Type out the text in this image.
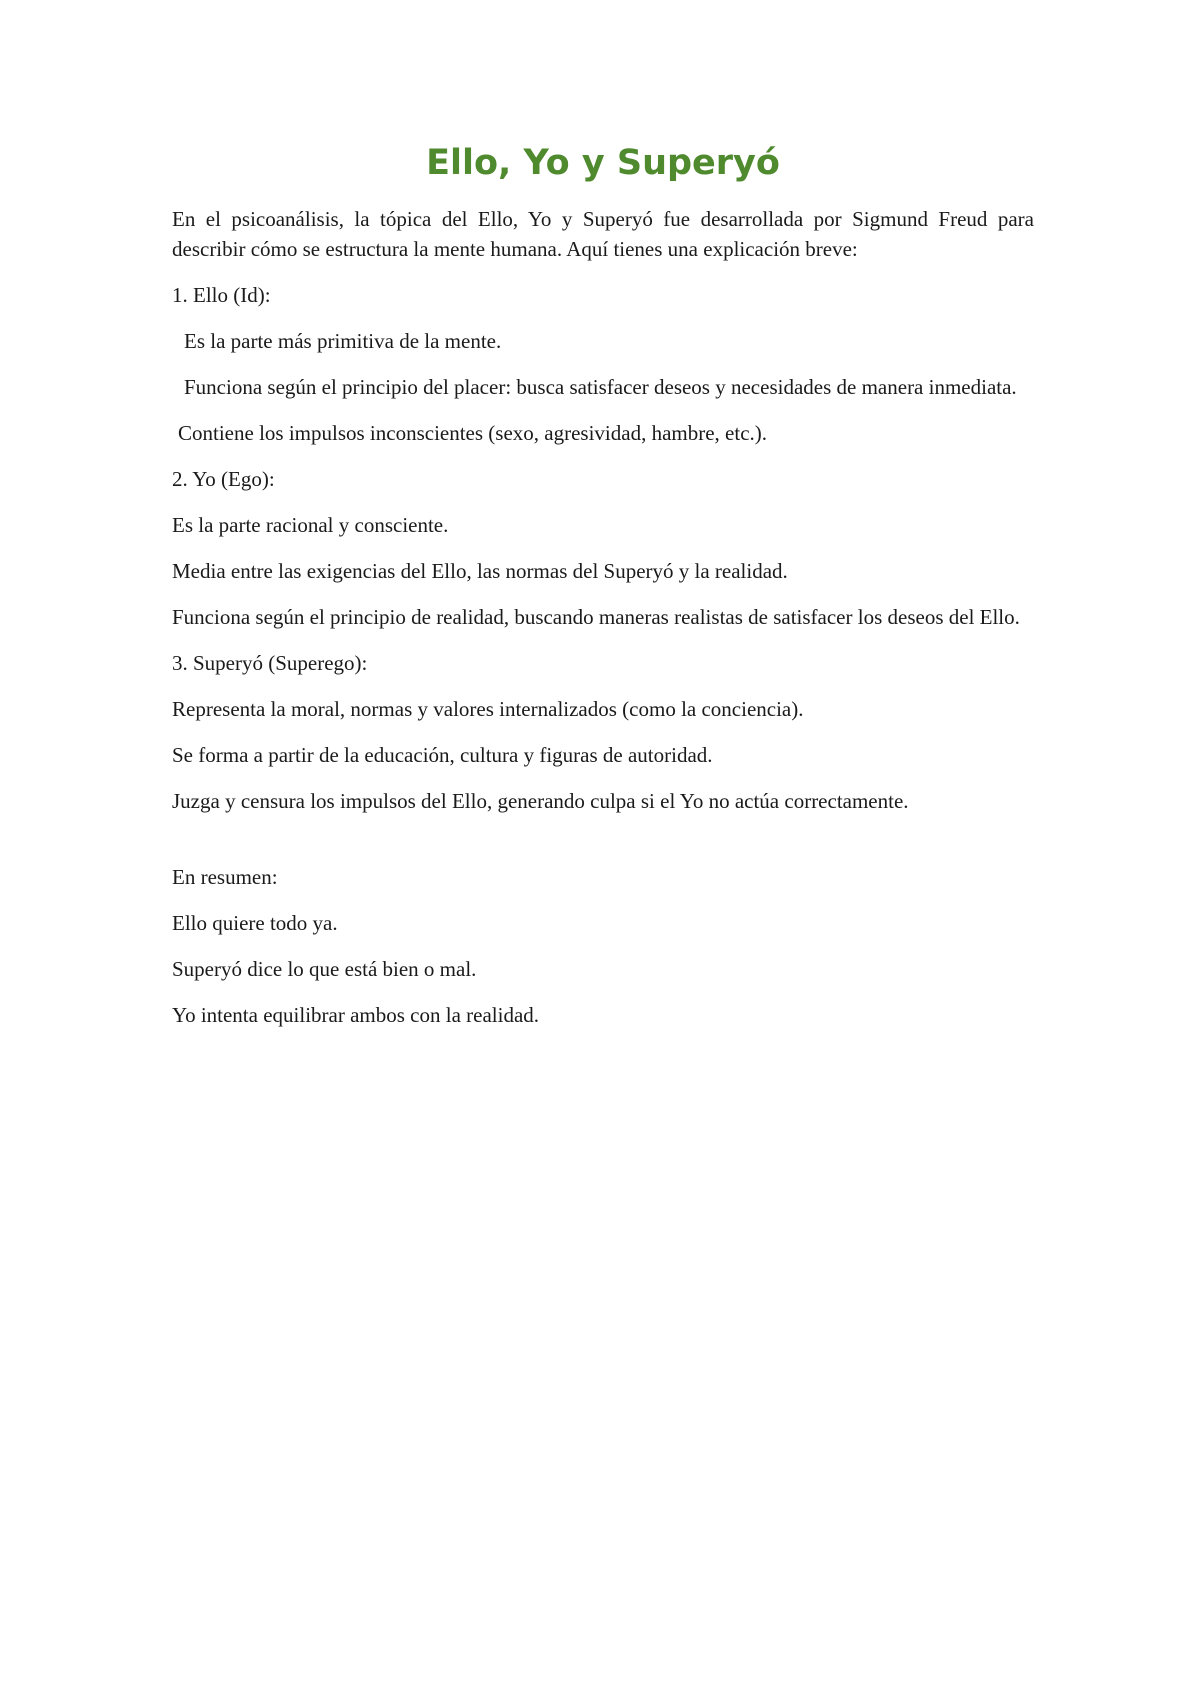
Ello, Yo y Superyó

En el psicoanálisis, la tópica del Ello, Yo y Superyó fue desarrollada por Sigmund Freud para describir cómo se estructura la mente humana. Aquí tienes una explicación breve:

1. Ello (Id):

Es la parte más primitiva de la mente.

Funciona según el principio del placer: busca satisfacer deseos y necesidades de manera inmediata.

Contiene los impulsos inconscientes (sexo, agresividad, hambre, etc.).

2. Yo (Ego):

Es la parte racional y consciente.

Media entre las exigencias del Ello, las normas del Superyó y la realidad.

Funciona según el principio de realidad, buscando maneras realistas de satisfacer los deseos del Ello.

3. Superyó (Superego):

Representa la moral, normas y valores internalizados (como la conciencia).

Se forma a partir de la educación, cultura y figuras de autoridad.

Juzga y censura los impulsos del Ello, generando culpa si el Yo no actúa correctamente.

En resumen:

Ello quiere todo ya.

Superyó dice lo que está bien o mal.

Yo intenta equilibrar ambos con la realidad.
